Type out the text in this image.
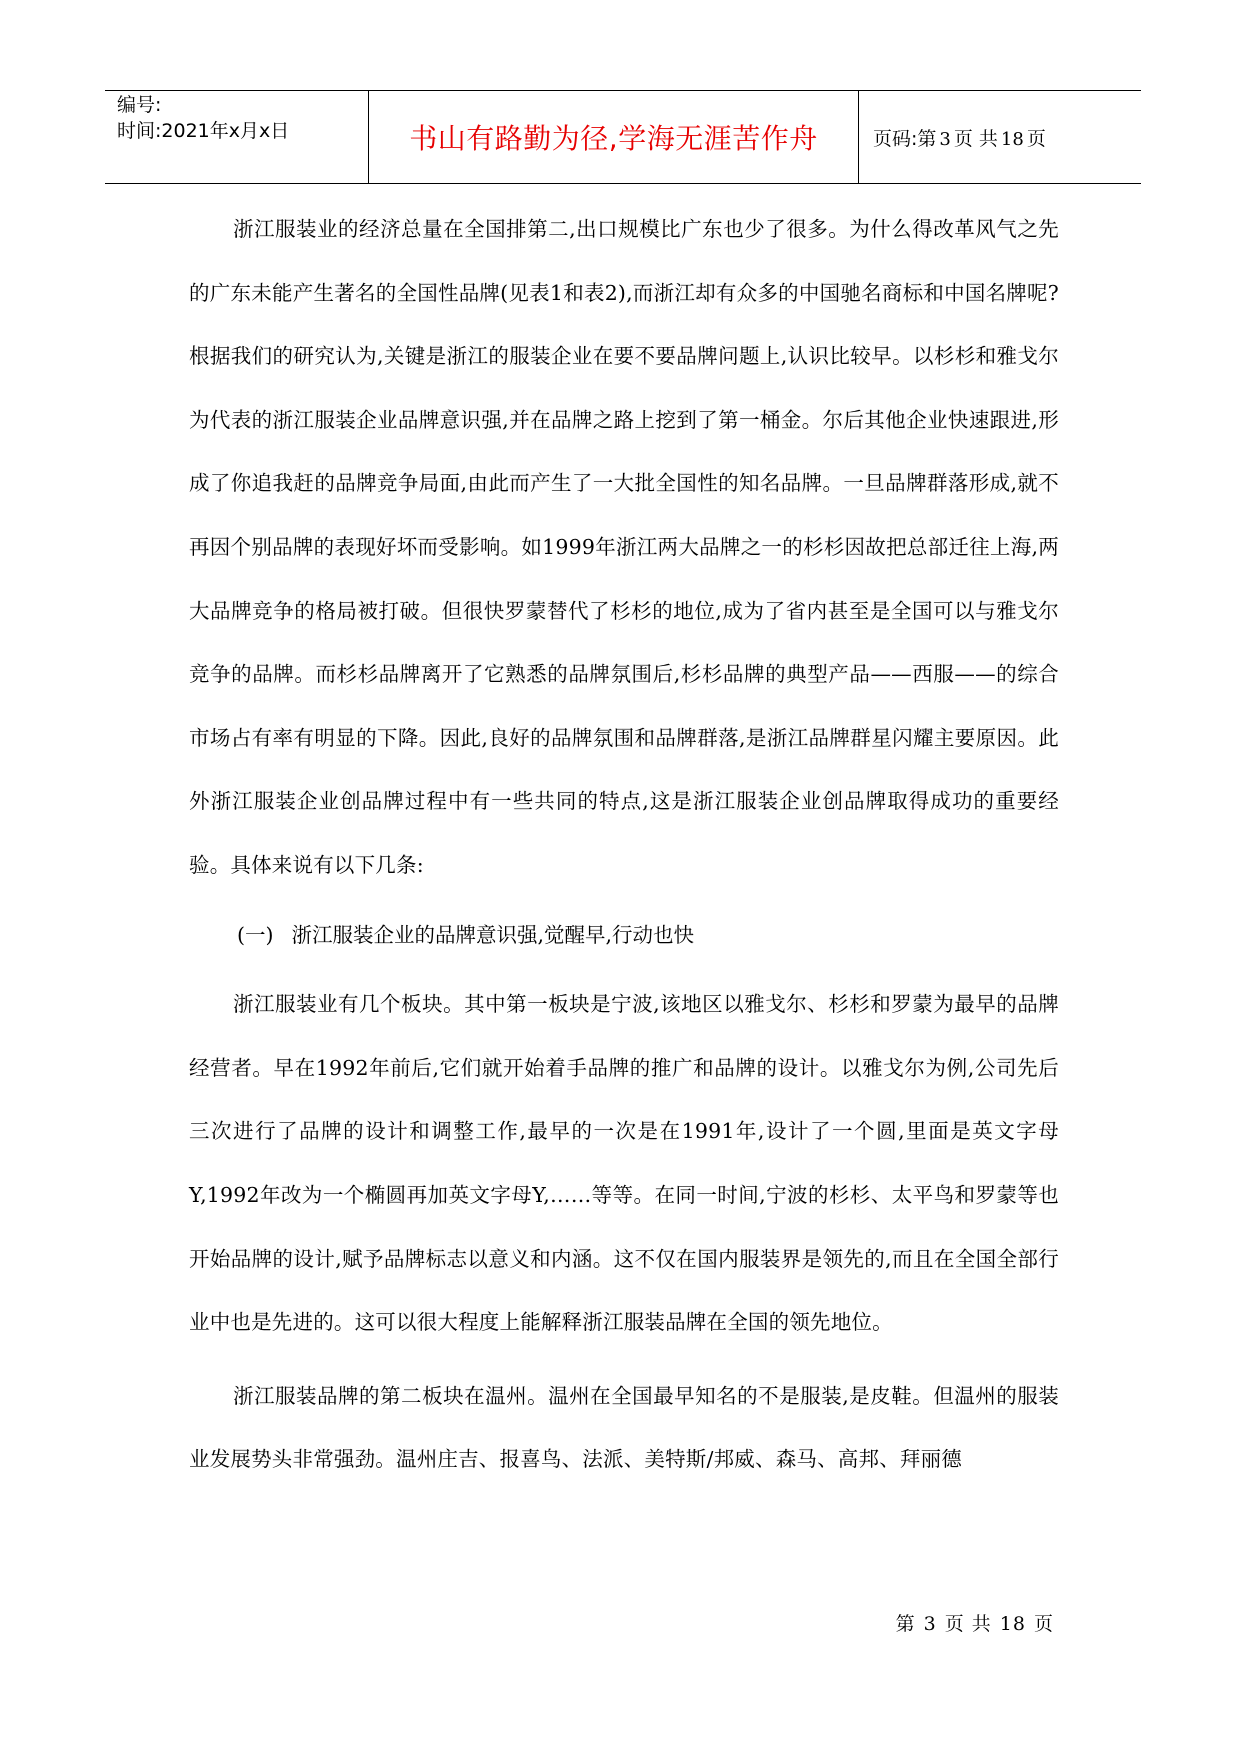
编号:
时间:2021年x月x日	书山有路勤为径,学海无涯苦作舟	页码:第 3 页 共 18 页

浙江服装业的经济总量在全国排第二,出口规模比广东也少了很多。为什么得改革风气之先的广东未能产生著名的全国性品牌(见表1和表2),而浙江却有众多的中国驰名商标和中国名牌呢?根据我们的研究认为,关键是浙江的服装企业在要不要品牌问题上,认识比较早。以杉杉和雅戈尔为代表的浙江服装企业品牌意识强,并在品牌之路上挖到了第一桶金。尔后其他企业快速跟进,形成了你追我赶的品牌竞争局面,由此而产生了一大批全国性的知名品牌。一旦品牌群落形成,就不再因个别品牌的表现好坏而受影响。如1999年浙江两大品牌之一的杉杉因故把总部迁往上海,两大品牌竞争的格局被打破。但很快罗蒙替代了杉杉的地位,成为了省内甚至是全国可以与雅戈尔竞争的品牌。而杉杉品牌离开了它熟悉的品牌氛围后,杉杉品牌的典型产品——西服——的综合市场占有率有明显的下降。因此,良好的品牌氛围和品牌群落,是浙江品牌群星闪耀主要原因。此外浙江服装企业创品牌过程中有一些共同的特点,这是浙江服装企业创品牌取得成功的重要经验。具体来说有以下几条:

(一) 浙江服装企业的品牌意识强,觉醒早,行动也快

浙江服装业有几个板块。其中第一板块是宁波,该地区以雅戈尔、杉杉和罗蒙为最早的品牌经营者。早在1992年前后,它们就开始着手品牌的推广和品牌的设计。以雅戈尔为例,公司先后三次进行了品牌的设计和调整工作,最早的一次是在1991年,设计了一个圆,里面是英文字母Y,1992年改为一个椭圆再加英文字母Y,……等等。在同一时间,宁波的杉杉、太平鸟和罗蒙等也开始品牌的设计,赋予品牌标志以意义和内涵。这不仅在国内服装界是领先的,而且在全国全部行业中也是先进的。这可以很大程度上能解释浙江服装品牌在全国的领先地位。

浙江服装品牌的第二板块在温州。温州在全国最早知名的不是服装,是皮鞋。但温州的服装业发展势头非常强劲。温州庄吉、报喜鸟、法派、美特斯/邦威、森马、高邦、拜丽德

第 3 页 共 18 页
